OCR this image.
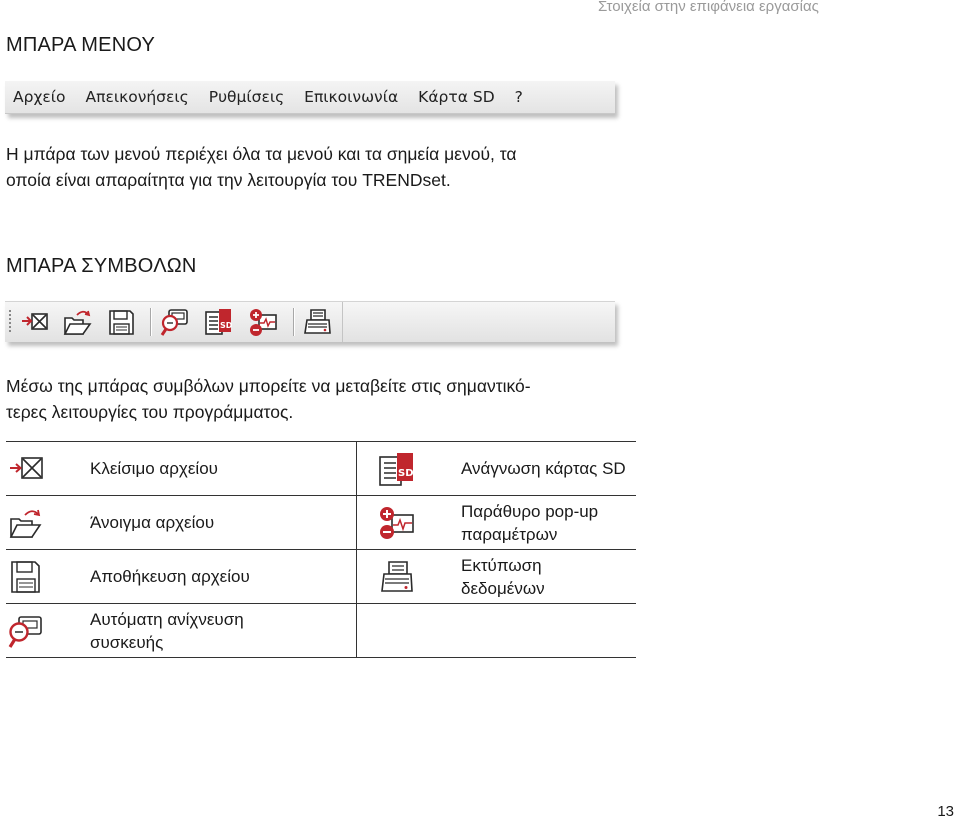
Στοιχεία στην επιφάνεια εργασίας
ΜΠΑΡΑ ΜΕΝΟΥ
Αρχείο	Απεικονήσεις	Ρυθμίσεις	Επικοινωνία	Κάρτα SD	?
Η μπάρα των μενού περιέχει όλα τα μενού και τα σημεία μενού, τα
οποία είναι απαραίτητα για την λειτουργία του TRENDset.
ΜΠΑΡΑ ΣΥΜΒΟΛΩΝ
SD
Μέσω της μπάρας συμβόλων μπορείτε να μεταβείτε στις σημαντικό-
τερες λειτουργίες του προγράμματος.
	Κλείσιμο αρχείου	SD	Ανάγνωση κάρτας SD

	Άνοιγμα αρχείου		Παράθυρο pop-up
παραμέτρων

	Αποθήκευση αρχείου		Εκτύπωση
δεδομένων

Αυτόματη ανίχνευση
συσκευής		

13
